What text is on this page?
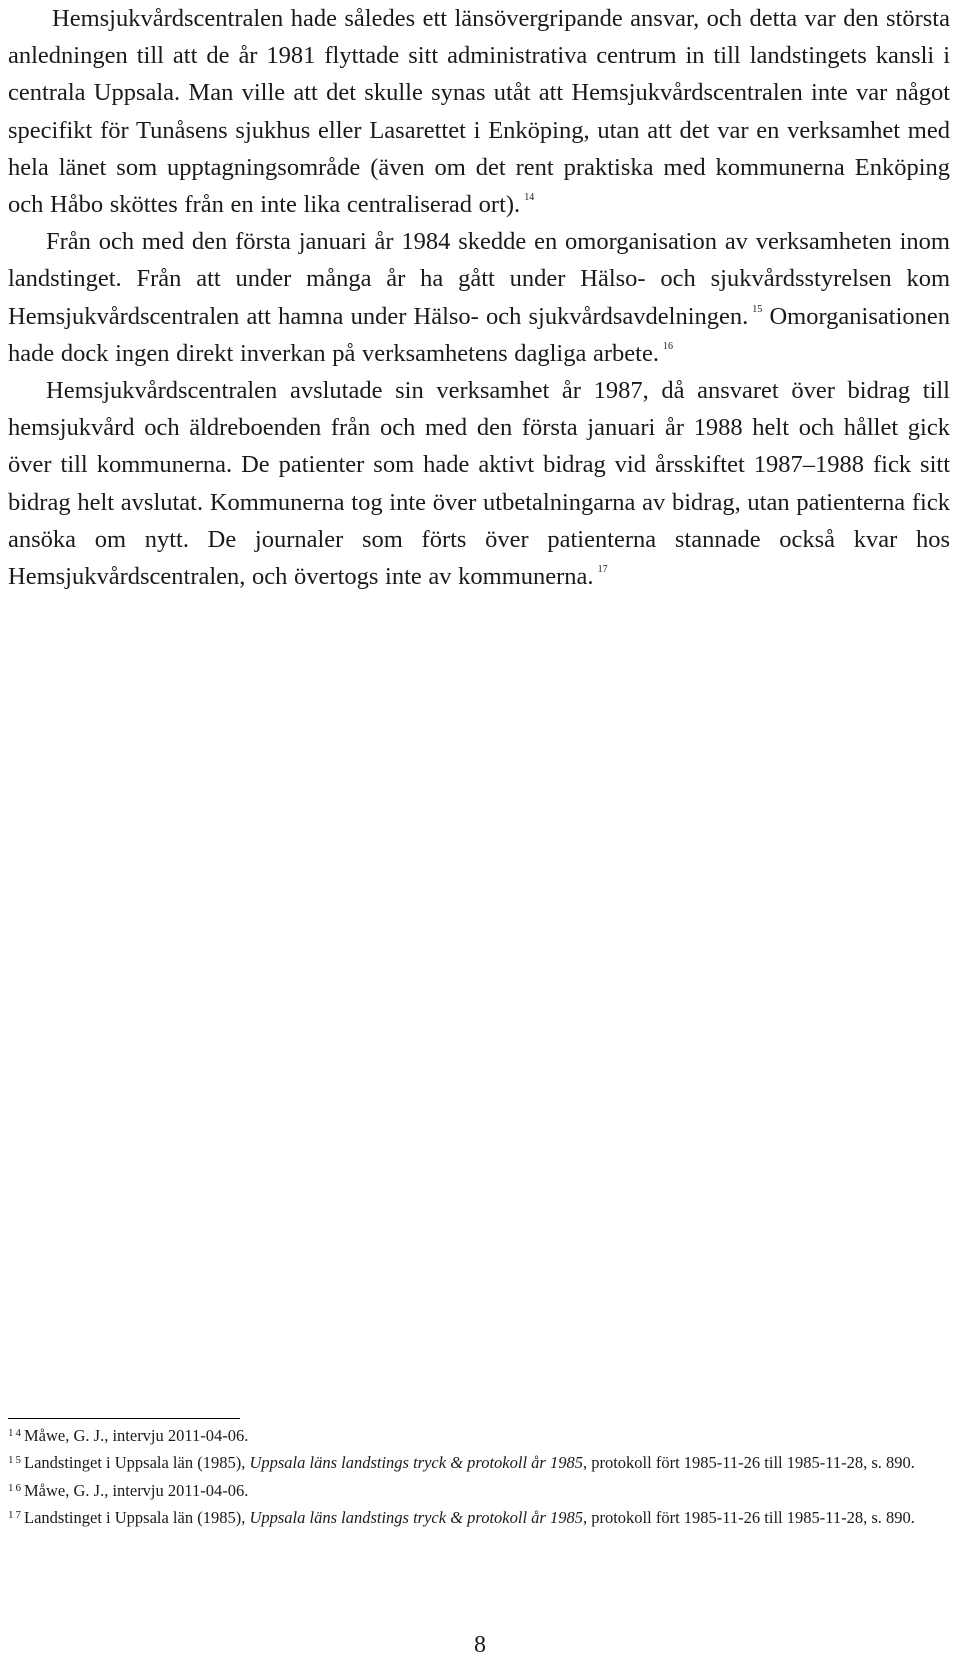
Hemsjukvårdscentralen hade således ett länsövergripande ansvar, och detta var den största anledningen till att de år 1981 flyttade sitt administrativa centrum in till landstingets kansli i centrala Uppsala. Man ville att det skulle synas utåt att Hemsjukvårdscentralen inte var något specifikt för Tunåsens sjukhus eller Lasarettet i Enköping, utan att det var en verksamhet med hela länet som upptagningsområde (även om det rent praktiska med kommunerna Enköping och Håbo sköttes från en inte lika centraliserad ort). $^{14}$

Från och med den första januari år 1984 skedde en omorganisation av verksamheten inom landstinget. Från att under många år ha gått under Hälso- och sjukvårdsstyrelsen kom Hemsjukvårdscentralen att hamna under Hälso- och sjukvårdsavdelningen. $^{15}$ Omorganisationen hade dock ingen direkt inverkan på verksamhetens dagliga arbete. $^{16}$

Hemsjukvårdscentralen avslutade sin verksamhet år 1987, då ansvaret över bidrag till hemsjukvård och äldreboenden från och med den första januari år 1988 helt och hållet gick över till kommunerna. De patienter som hade aktivt bidrag vid årsskiftet 1987–1988 fick sitt bidrag helt avslutat. Kommunerna tog inte över utbetalningarna av bidrag, utan patienterna fick ansöka om nytt. De journaler som förts över patienterna stannade också kvar hos Hemsjukvårdscentralen, och övertogs inte av kommunerna. $^{17}$

$^{14}$Måwe, G. J., intervju 2011-04-06.

$^{15}$Landstinget i Uppsala län (1985), Uppsala läns landstings tryck & protokoll år 1985, protokoll fört 1985-11-26 till 1985-11-28, s. 890.

$^{16}$Måwe, G. J., intervju 2011-04-06.

$^{17}$Landstinget i Uppsala län (1985), Uppsala läns landstings tryck & protokoll år 1985, protokoll fört 1985-11-26 till 1985-11-28, s. 890.

8
